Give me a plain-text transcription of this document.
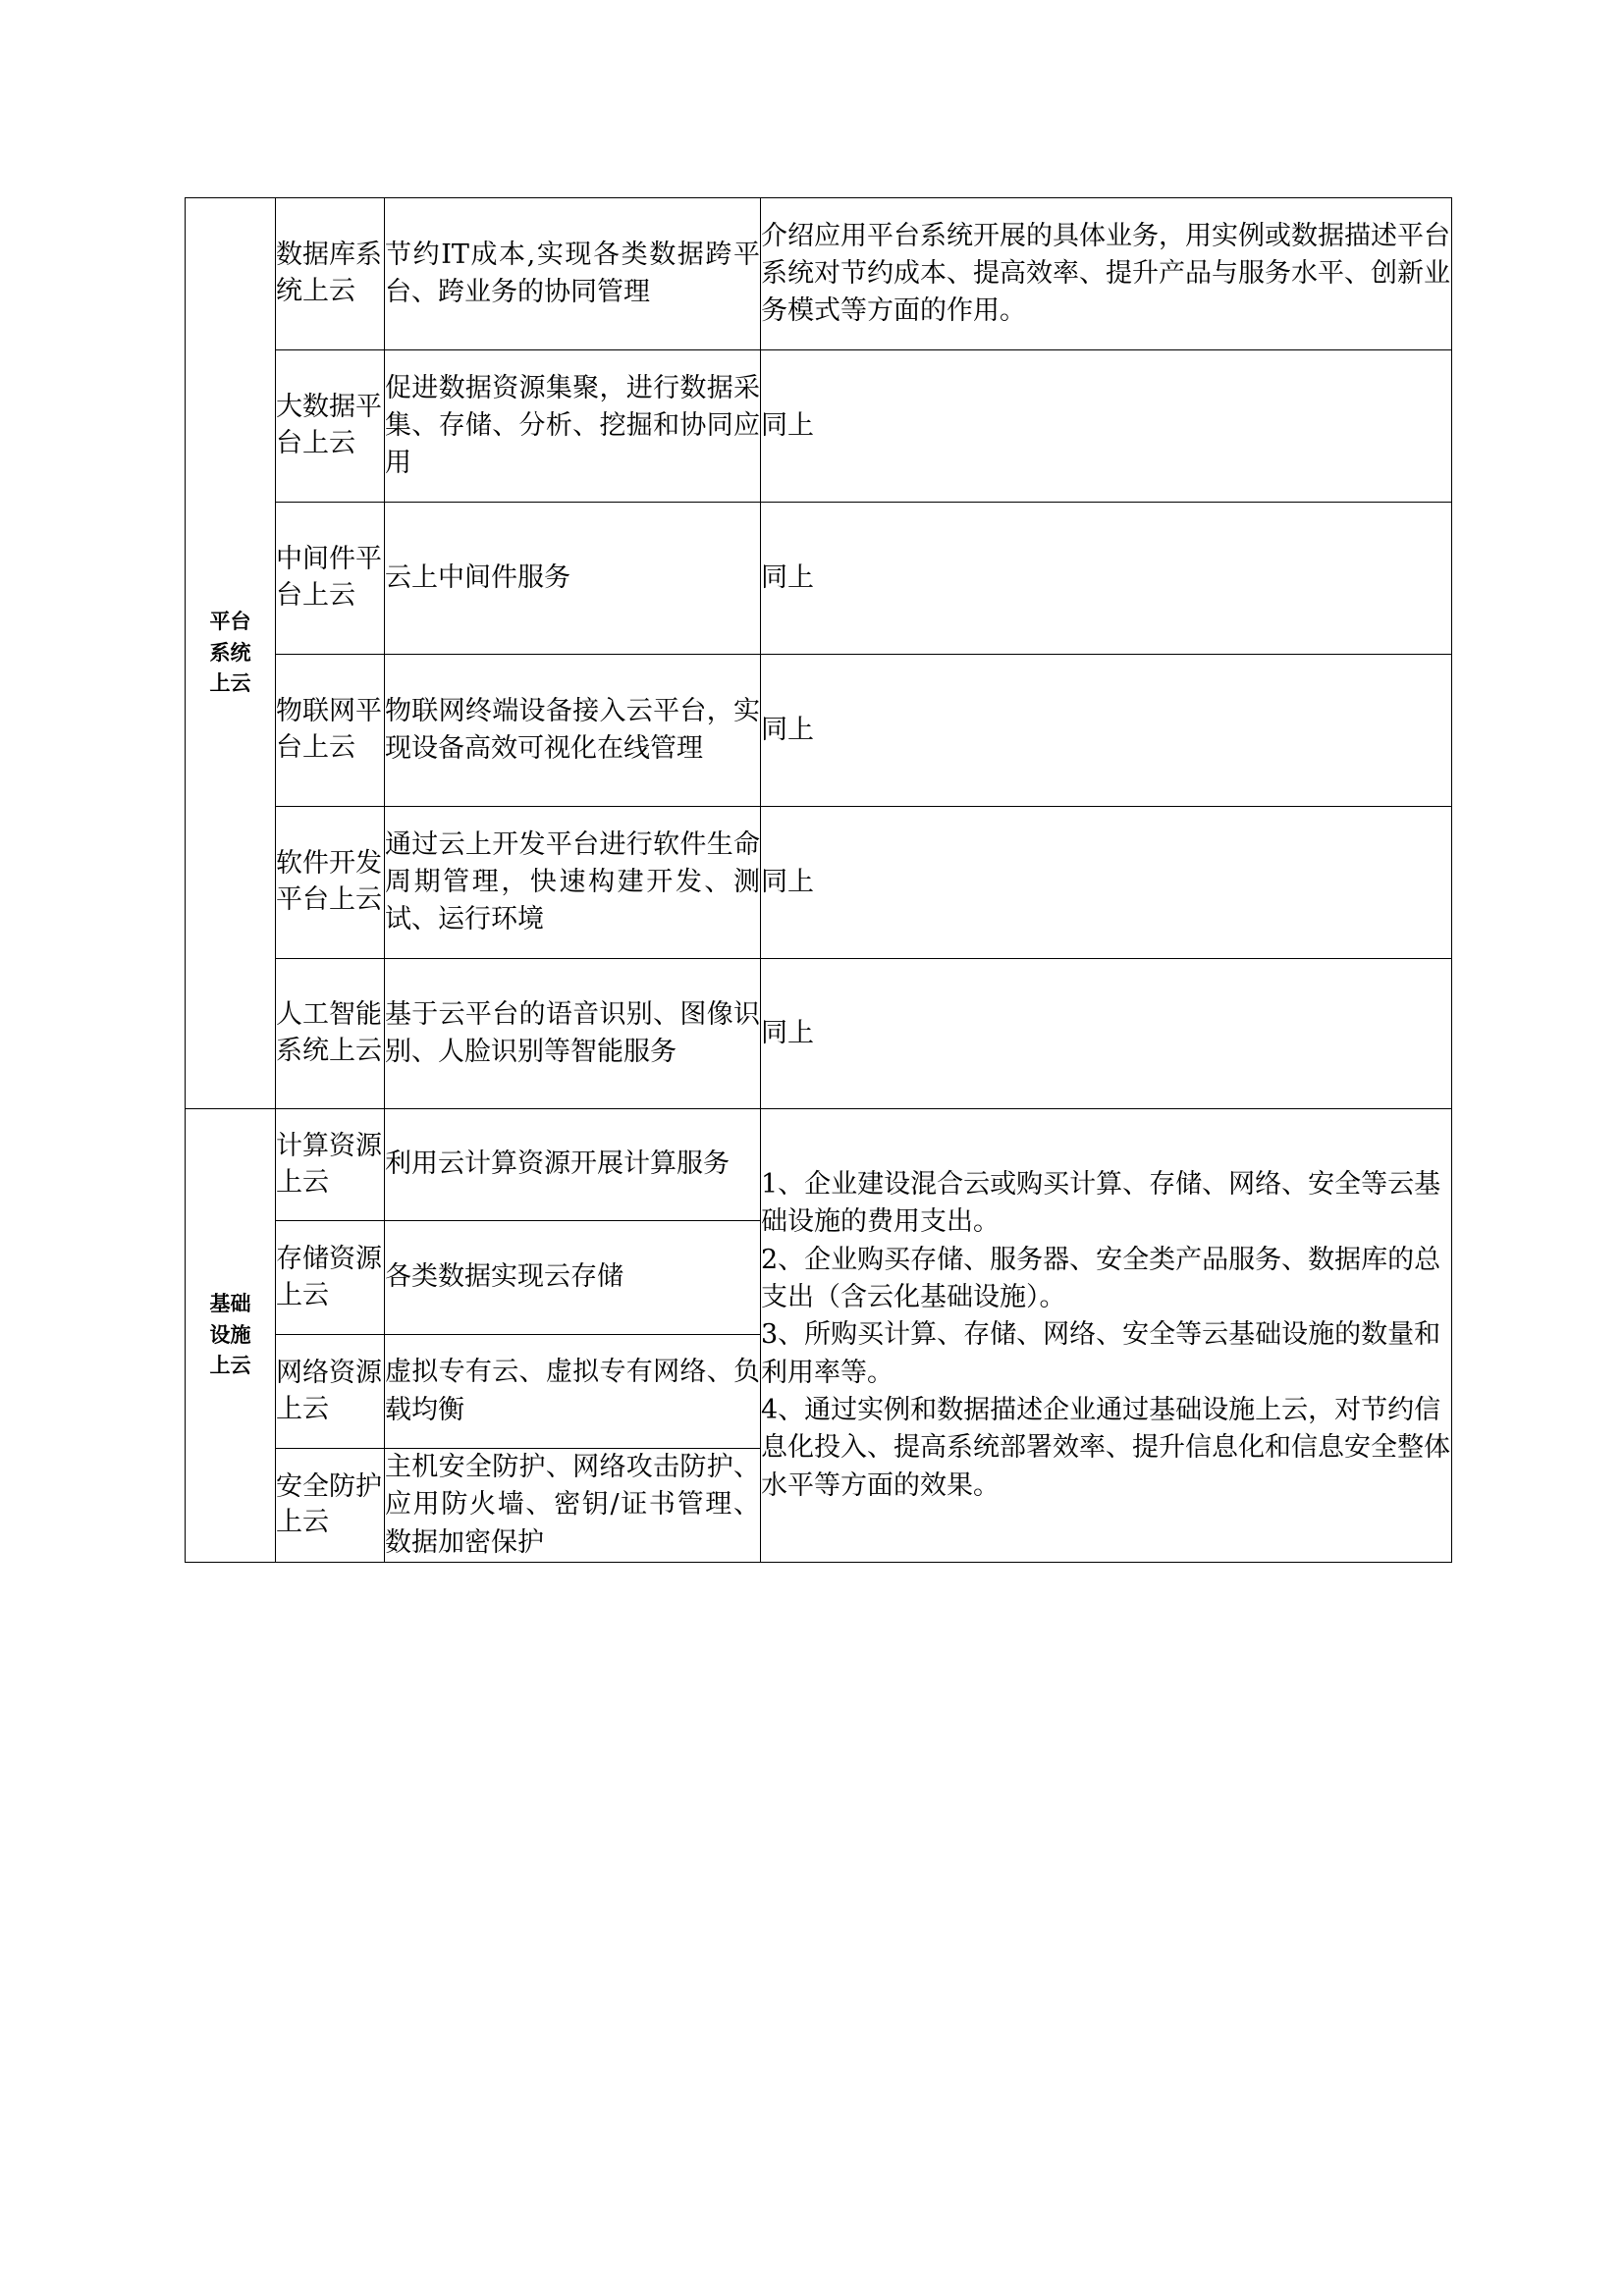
平台系统上云	数据库系统上云	节约IT成本,实现各类数据跨平台、跨业务的协同管理	介绍应用平台系统开展的具体业务，用实例或数据描述平台系统对节约成本、提高效率、提升产品与服务水平、创新业务模式等方面的作用。
	大数据平台上云	促进数据资源集聚，进行数据采集、存储、分析、挖掘和协同应用	同上
	中间件平台上云	云上中间件服务	同上
	物联网平台上云	物联网终端设备接入云平台，实现设备高效可视化在线管理	同上
	软件开发平台上云	通过云上开发平台进行软件生命周期管理，快速构建开发、测试、运行环境	同上
	人工智能系统上云	基于云平台的语音识别、图像识别、人脸识别等智能服务	同上
基础设施上云	计算资源上云	利用云计算资源开展计算服务	1、企业建设混合云或购买计算、存储、网络、安全等云基础设施的费用支出。

2、企业购买存储、服务器、安全类产品服务、数据库的总支出（含云化基础设施）。

3、所购买计算、存储、网络、安全等云基础设施的数量和利用率等。

4、通过实例和数据描述企业通过基础设施上云，对节约信息化投入、提高系统部署效率、提升信息化和信息安全整体水平等方面的效果。

	存储资源上云	各类数据实现云存储	
	网络资源上云	虚拟专有云、虚拟专有网络、负载均衡	
	安全防护上云	主机安全防护、网络攻击防护、应用防火墙、密钥/证书管理、数据加密保护	
